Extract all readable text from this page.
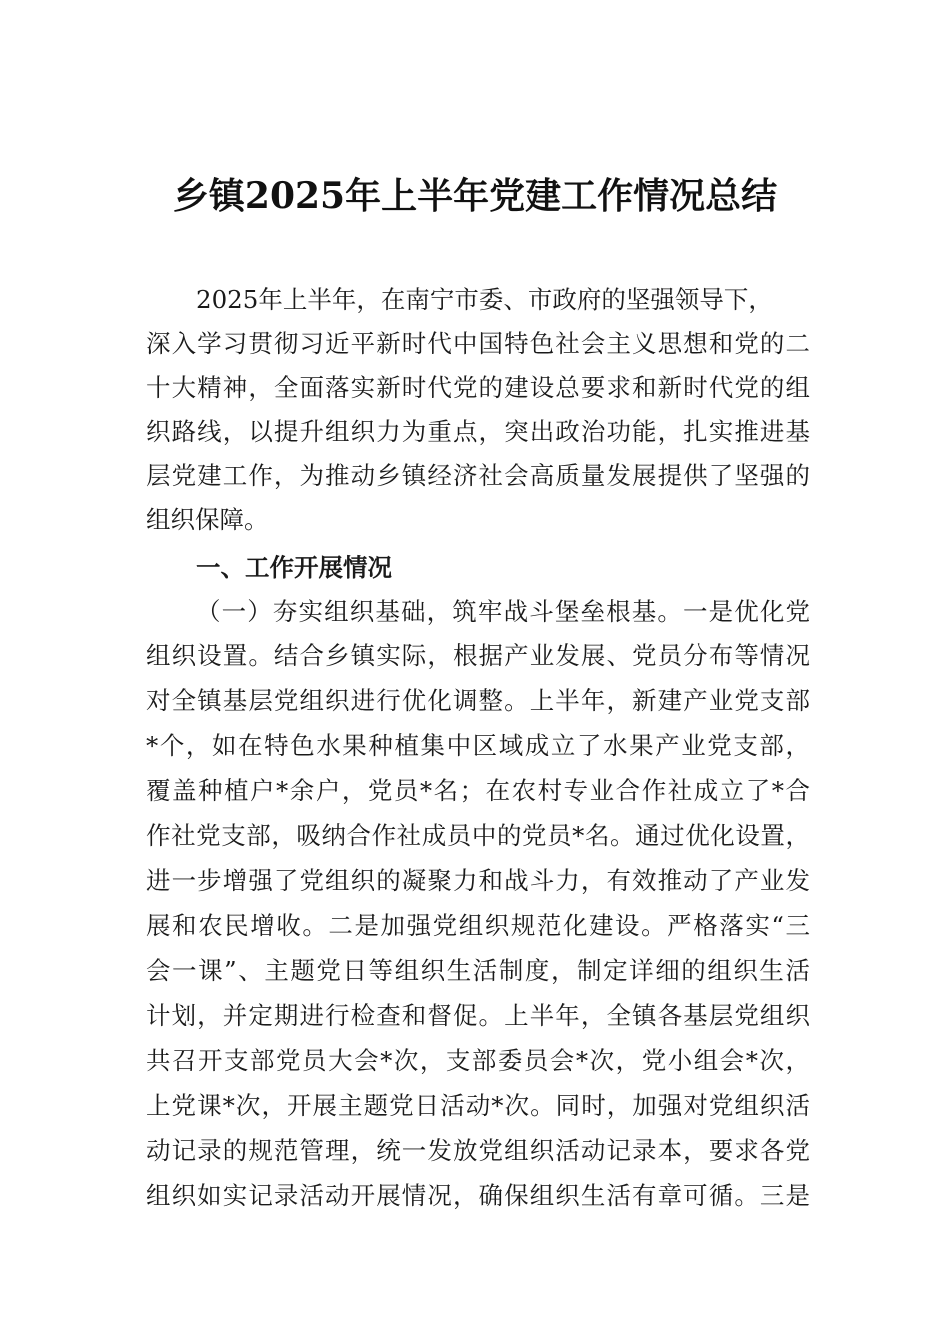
乡镇2025年上半年党建工作情况总结
2025年上半年，在南宁市委、市政府的坚强领导下，
深入学习贯彻习近平新时代中国特色社会主义思想和党的二
十大精神，全面落实新时代党的建设总要求和新时代党的组
织路线，以提升组织力为重点，突出政治功能，扎实推进基
层党建工作，为推动乡镇经济社会高质量发展提供了坚强的
组织保障。
一、工作开展情况
（一）夯实组织基础，筑牢战斗堡垒根基。一是优化党
组织设置。结合乡镇实际，根据产业发展、党员分布等情况
对全镇基层党组织进行优化调整。上半年，新建产业党支部
*个，如在特色水果种植集中区域成立了水果产业党支部，
覆盖种植户*余户，党员*名；在农村专业合作社成立了*合
作社党支部，吸纳合作社成员中的党员*名。通过优化设置，
进一步增强了党组织的凝聚力和战斗力，有效推动了产业发
展和农民增收。二是加强党组织规范化建设。严格落实“三
会一课”、主题党日等组织生活制度，制定详细的组织生活
计划，并定期进行检查和督促。上半年，全镇各基层党组织
共召开支部党员大会*次，支部委员会*次，党小组会*次，
上党课*次，开展主题党日活动*次。同时，加强对党组织活
动记录的规范管理，统一发放党组织活动记录本，要求各党
组织如实记录活动开展情况，确保组织生活有章可循。三是
